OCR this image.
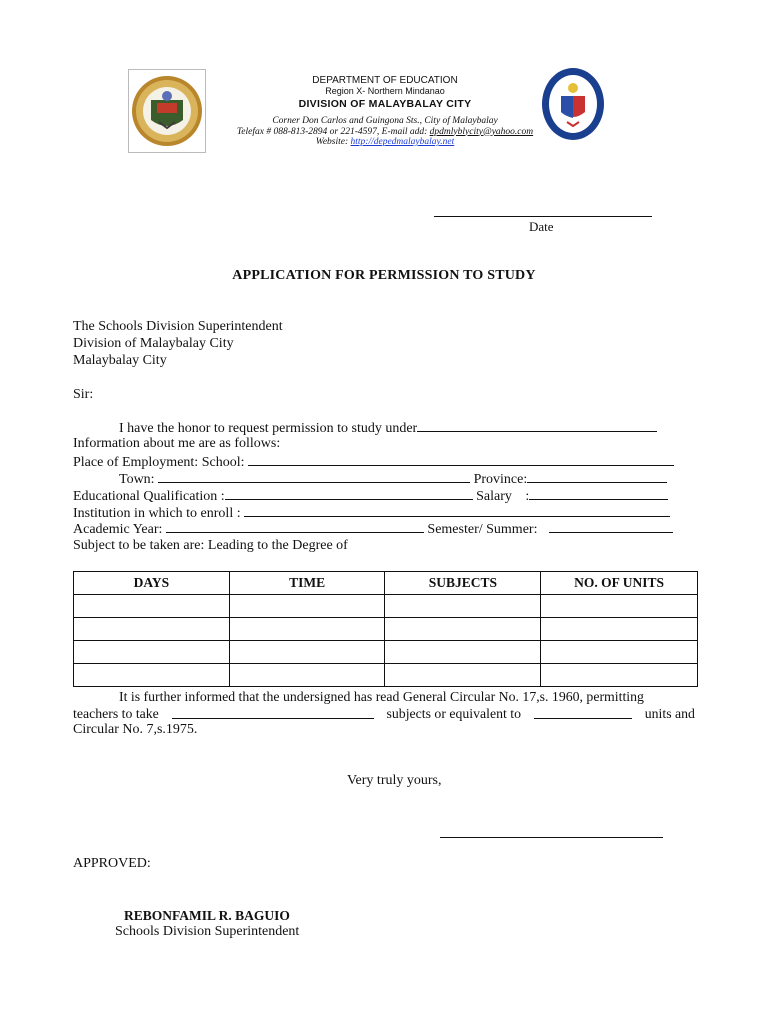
DEPARTMENT OF EDUCATION
Region X- Northern Mindanao
DIVISION OF MALAYBALAY CITY
Corner Don Carlos and Guingona Sts., City of Malaybalay
Telefax # 088-813-2894 or 221-4597, E-mail add: dpdmlyblycity@yahoo.com
Website: http://depedmalaybalay.net
Date
APPLICATION FOR PERMISSION TO STUDY
The Schools Division Superintendent
Division of Malaybalay City
Malaybalay City
Sir:
I have the honor to request permission to study under
Information about me are as follows:
Place of Employment: School:
Town:	Province:
Educational Qualification :	Salary :
Institution in which to enroll :
Academic Year:	Semester/ Summer:
Subject to be taken are: Leading to the Degree of
DAYS	TIME	SUBJECTS	NO. OF UNITS

It is further informed that the undersigned has read General Circular No. 17,s. 1960, permitting
teachers to take	subjects or equivalent to	units and
Circular No. 7,s.1975.
Very truly yours,
APPROVED:
REBONFAMIL R. BAGUIO
Schools Division Superintendent
